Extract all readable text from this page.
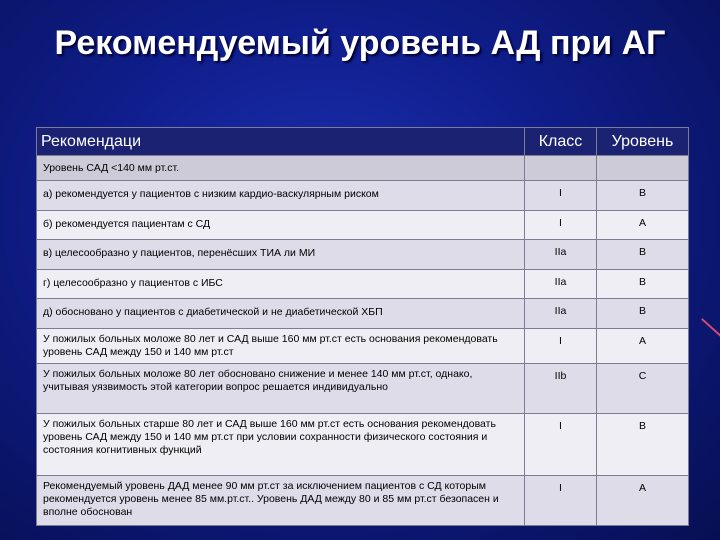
Рекомендуемый уровень АД при АГ
Рекомендаци	Класс	Уровень
Уровень САД <140 мм рт.ст.		
а) рекомендуется у пациентов с низким кардио-васкулярным риском	I	B
б) рекомендуется пациентам с СД	I	A
в) целесообразно у пациентов, перенёсших ТИА ли МИ	IIa	B
г) целесообразно у пациентов с ИБС	IIa	B
д) обосновано у пациентов с диабетической и не диабетической ХБП	IIa	B
У пожилых больных моложе 80 лет и САД выше 160 мм рт.ст есть основания рекомендовать уровень САД между 150 и 140 мм рт.ст	I	A
У пожилых больных моложе 80 лет обосновано снижение и менее 140 мм рт.ст, однако, учитывая уязвимость этой категории вопрос решается индивидуально	IIb	C
У пожилых больных старше 80 лет и САД выше 160 мм рт.ст есть основания рекомендовать уровень САД между 150 и 140 мм рт.ст при условии сохранности физического состояния и состояния когнитивных функций	I	B
Рекомендуемый уровень ДАД менее 90 мм рт.ст за исключением пациентов с СД которым рекомендуется уровень менее 85 мм.рт.ст.. Уровень ДАД между 80 и 85 мм рт.ст безопасен и вполне обоснован	I	A
